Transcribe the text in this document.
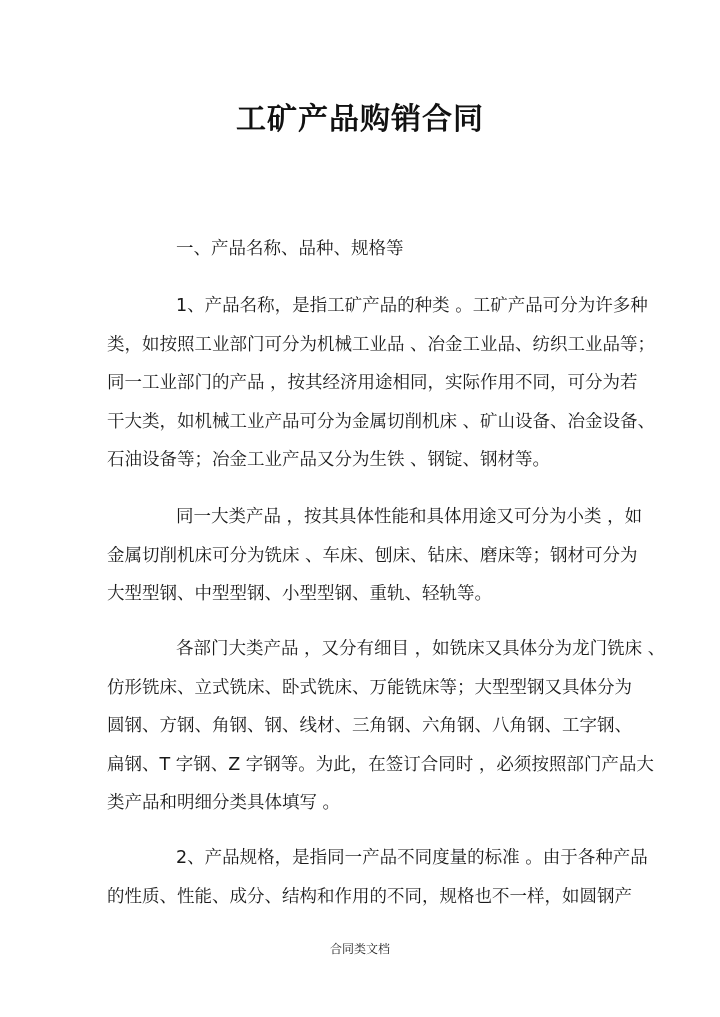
工矿产品购销合同
一、产品名称、品种、规格等
1、产品名称，是指工矿产品的种类 。工矿产品可分为许多种
类，如按照工业部门可分为机械工业品 、冶金工业品、纺织工业品等；
同一工业部门的产品 ，按其经济用途相同，实际作用不同，可分为若
干大类，如机械工业产品可分为金属切削机床 、矿山设备、冶金设备、
石油设备等；冶金工业产品又分为生铁 、钢锭、钢材等。
同一大类产品 ，按其具体性能和具体用途又可分为小类 ，如
金属切削机床可分为铣床 、车床、刨床、钻床、磨床等；钢材可分为
大型型钢、中型型钢、小型型钢、重轨、轻轨等。
各部门大类产品 ，又分有细目 ，如铣床又具体分为龙门铣床 、
仿形铣床、立式铣床、卧式铣床、万能铣床等；大型型钢又具体分为
圆钢、方钢、角钢、钢、线材、三角钢、六角钢、八角钢、工字钢、
扁钢、T 字钢、Z 字钢等。为此，在签订合同时 ，必须按照部门产品大
类产品和明细分类具体填写 。
2、产品规格，是指同一产品不同度量的标准 。由于各种产品
的性质、性能、成分、结构和作用的不同，规格也不一样，如圆钢产
合同类文档
